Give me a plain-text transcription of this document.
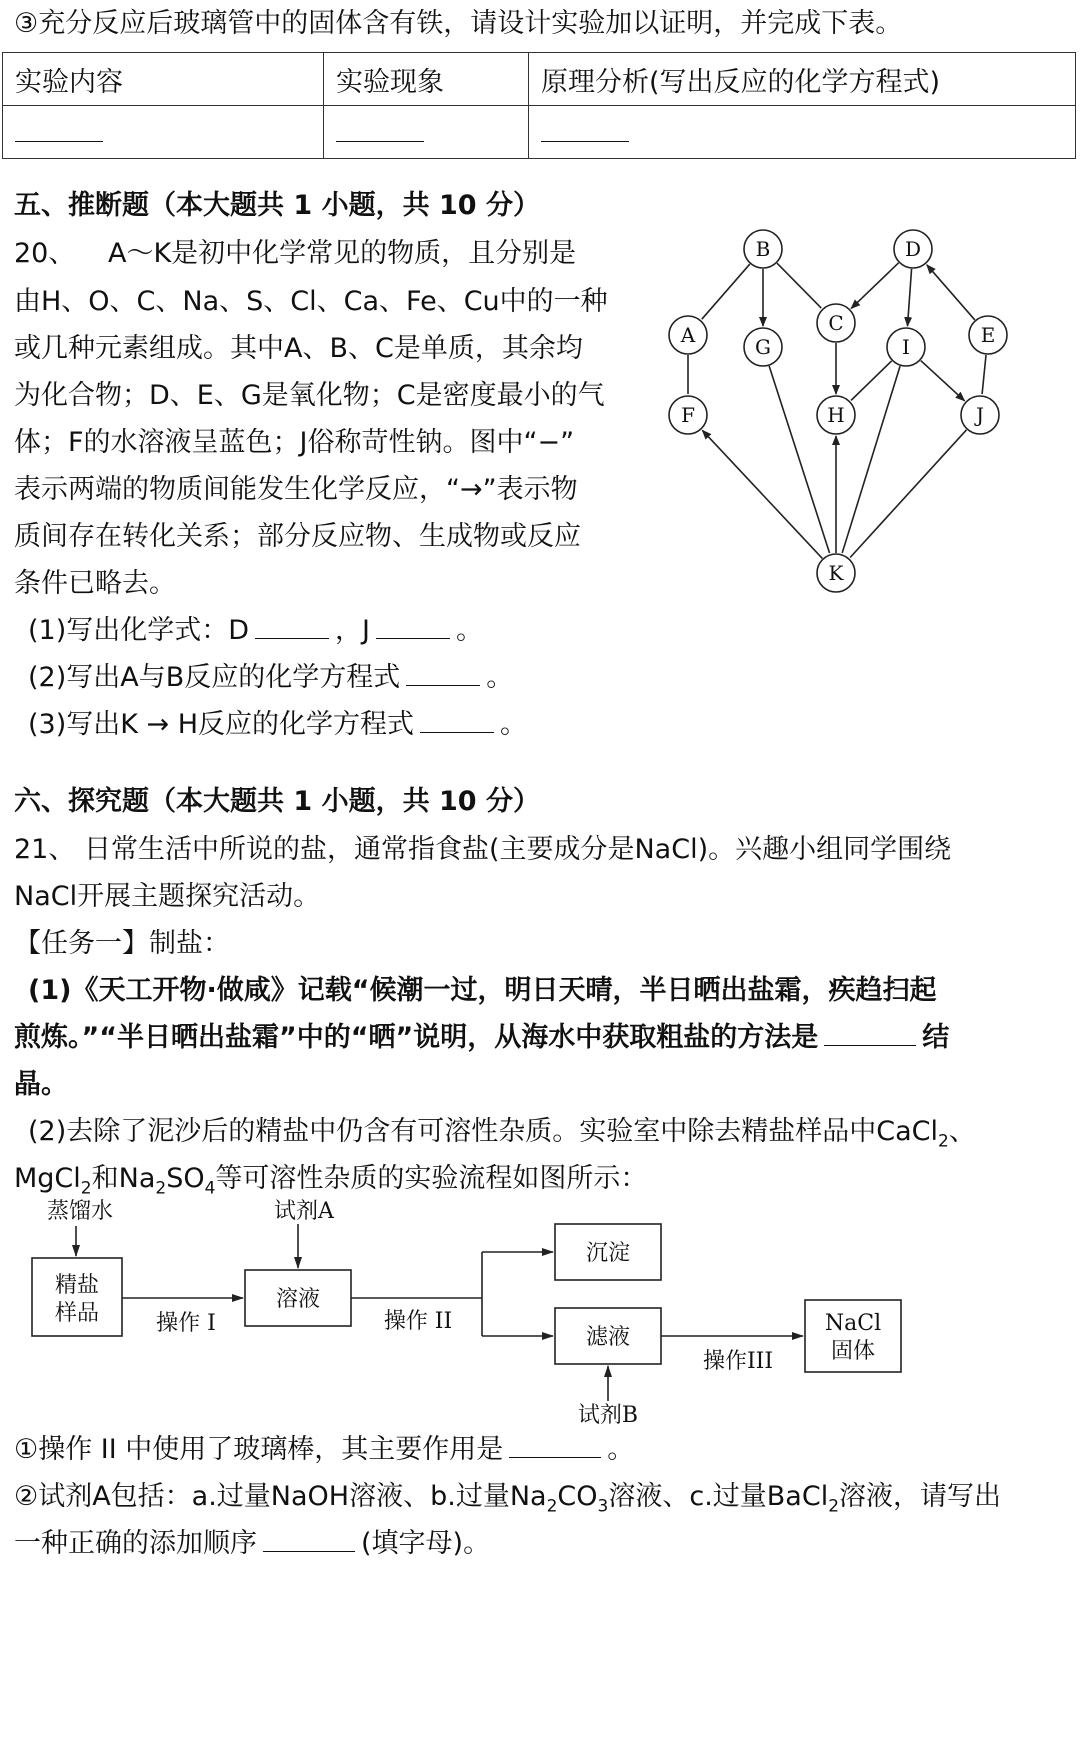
③充分反应后玻璃管中的固体含有铁，请设计实验加以证明，并完成下表。
实验内容	实验现象	原理分析(写出反应的化学方程式)

五、推断题（本大题共 1 小题，共 10 分）
20、 A～K是初中化学常见的物质，且分别是
由H、O、C、Na、S、Cl、Ca、Fe、Cu中的一种
或几种元素组成。其中A、B、C是单质，其余均
为化合物；D、E、G是氧化物；C是密度最小的气
体；F的水溶液呈蓝色；J俗称苛性钠。图中“−”
表示两端的物质间能发生化学反应，“→”表示物
质间存在转化关系；部分反应物、生成物或反应
条件已略去。
(1)写出化学式：D	，J	。
(2)写出A与B反应的化学方程式	。
(3)写出K → H反应的化学方程式	。
A
B
C
D
E
F
G
H
I
J
K
六、探究题（本大题共 1 小题，共 10 分）
21、 日常生活中所说的盐，通常指食盐(主要成分是NaCl)。兴趣小组同学围绕
NaCl开展主题探究活动。
【任务一】制盐：
(1)《天工开物·做咸》记载“候潮一过，明日天晴，半日晒出盐霜，疾趋扫起
煎炼。”“半日晒出盐霜”中的“晒”说明，从海水中获取粗盐的方法是	结
晶。
(2)去除了泥沙后的精盐中仍含有可溶性杂质。实验室中除去精盐样品中CaCl$_2$、
MgCl$_2$和$Na_2SO_4$等可溶性杂质的实验流程如图所示：
蒸馏水
精盐
样品	操作 I
试剂A
溶液
操作 II
沉淀
滤液
试剂B
操作III
NaCl
固体
①操作 II 中使用了玻璃棒，其主要作用是	。
②试剂A包括：a.过量NaOH溶液、b.过量$Na_2CO_3$溶液、c.过量BaCl$_2$溶液，请写出
一种正确的添加顺序	(填字母)。
